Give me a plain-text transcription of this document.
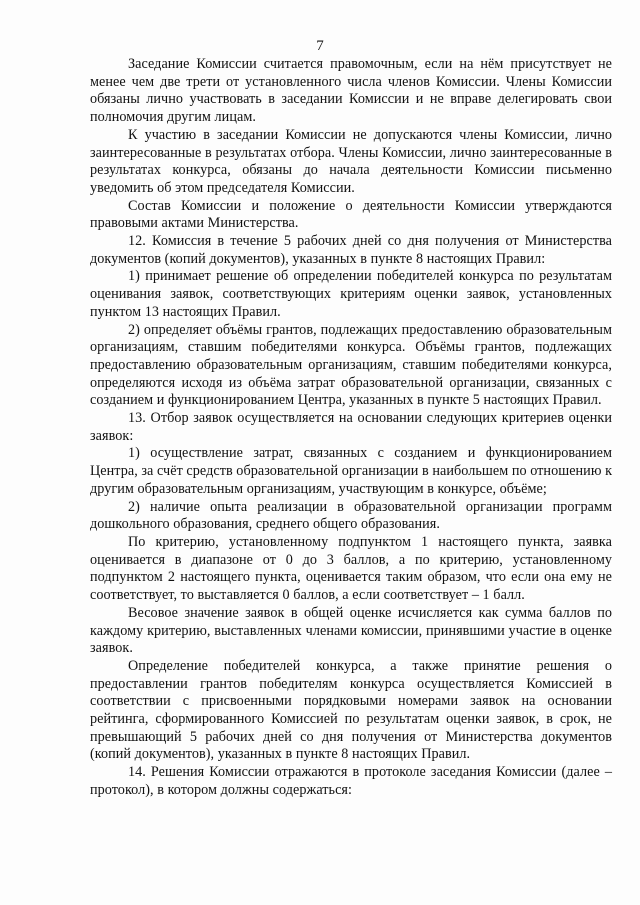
7

Заседание Комиссии считается правомочным, если на нём присутствует не менее чем две трети от установленного числа членов Комиссии. Члены Комиссии обязаны лично участвовать в заседании Комиссии и не вправе делегировать свои полномочия другим лицам.

К участию в заседании Комиссии не допускаются члены Комиссии, лично заинтересованные в результатах отбора. Члены Комиссии, лично заинтересованные в результатах конкурса, обязаны до начала деятельности Комиссии письменно уведомить об этом председателя Комиссии.

Состав Комиссии и положение о деятельности Комиссии утверждаются правовыми актами Министерства.

12. Комиссия в течение 5 рабочих дней со дня получения от Министерства документов (копий документов), указанных в пункте 8 настоящих Правил:

1) принимает решение об определении победителей конкурса по результатам оценивания заявок, соответствующих критериям оценки заявок, установленных пунктом 13 настоящих Правил.

2) определяет объёмы грантов, подлежащих предоставлению образовательным организациям, ставшим победителями конкурса. Объёмы грантов, подлежащих предоставлению образовательным организациям, ставшим победителями конкурса, определяются исходя из объёма затрат образовательной организации, связанных с созданием и функционированием Центра, указанных в пункте 5 настоящих Правил.

13. Отбор заявок осуществляется на основании следующих критериев оценки заявок:

1) осуществление затрат, связанных с созданием и функционированием Центра, за счёт средств образовательной организации в наибольшем по отношению к другим образовательным организациям, участвующим в конкурсе, объёме;

2) наличие опыта реализации в образовательной организации программ дошкольного образования, среднего общего образования.

По критерию, установленному подпунктом 1 настоящего пункта, заявка оценивается в диапазоне от 0 до 3 баллов, а по критерию, установленному подпунктом 2 настоящего пункта, оценивается таким образом, что если она ему не соответствует, то выставляется 0 баллов, а если соответствует – 1 балл.

Весовое значение заявок в общей оценке исчисляется как сумма баллов по каждому критерию, выставленных членами комиссии, принявшими участие в оценке заявок.

Определение победителей конкурса, а также принятие решения о предоставлении грантов победителям конкурса осуществляется Комиссией в соответствии с присвоенными порядковыми номерами заявок на основании рейтинга, сформированного Комиссией по результатам оценки заявок, в срок, не превышающий 5 рабочих дней со дня получения от Министерства документов (копий документов), указанных в пункте 8 настоящих Правил.

14. Решения Комиссии отражаются в протоколе заседания Комиссии (далее – протокол), в котором должны содержаться:
